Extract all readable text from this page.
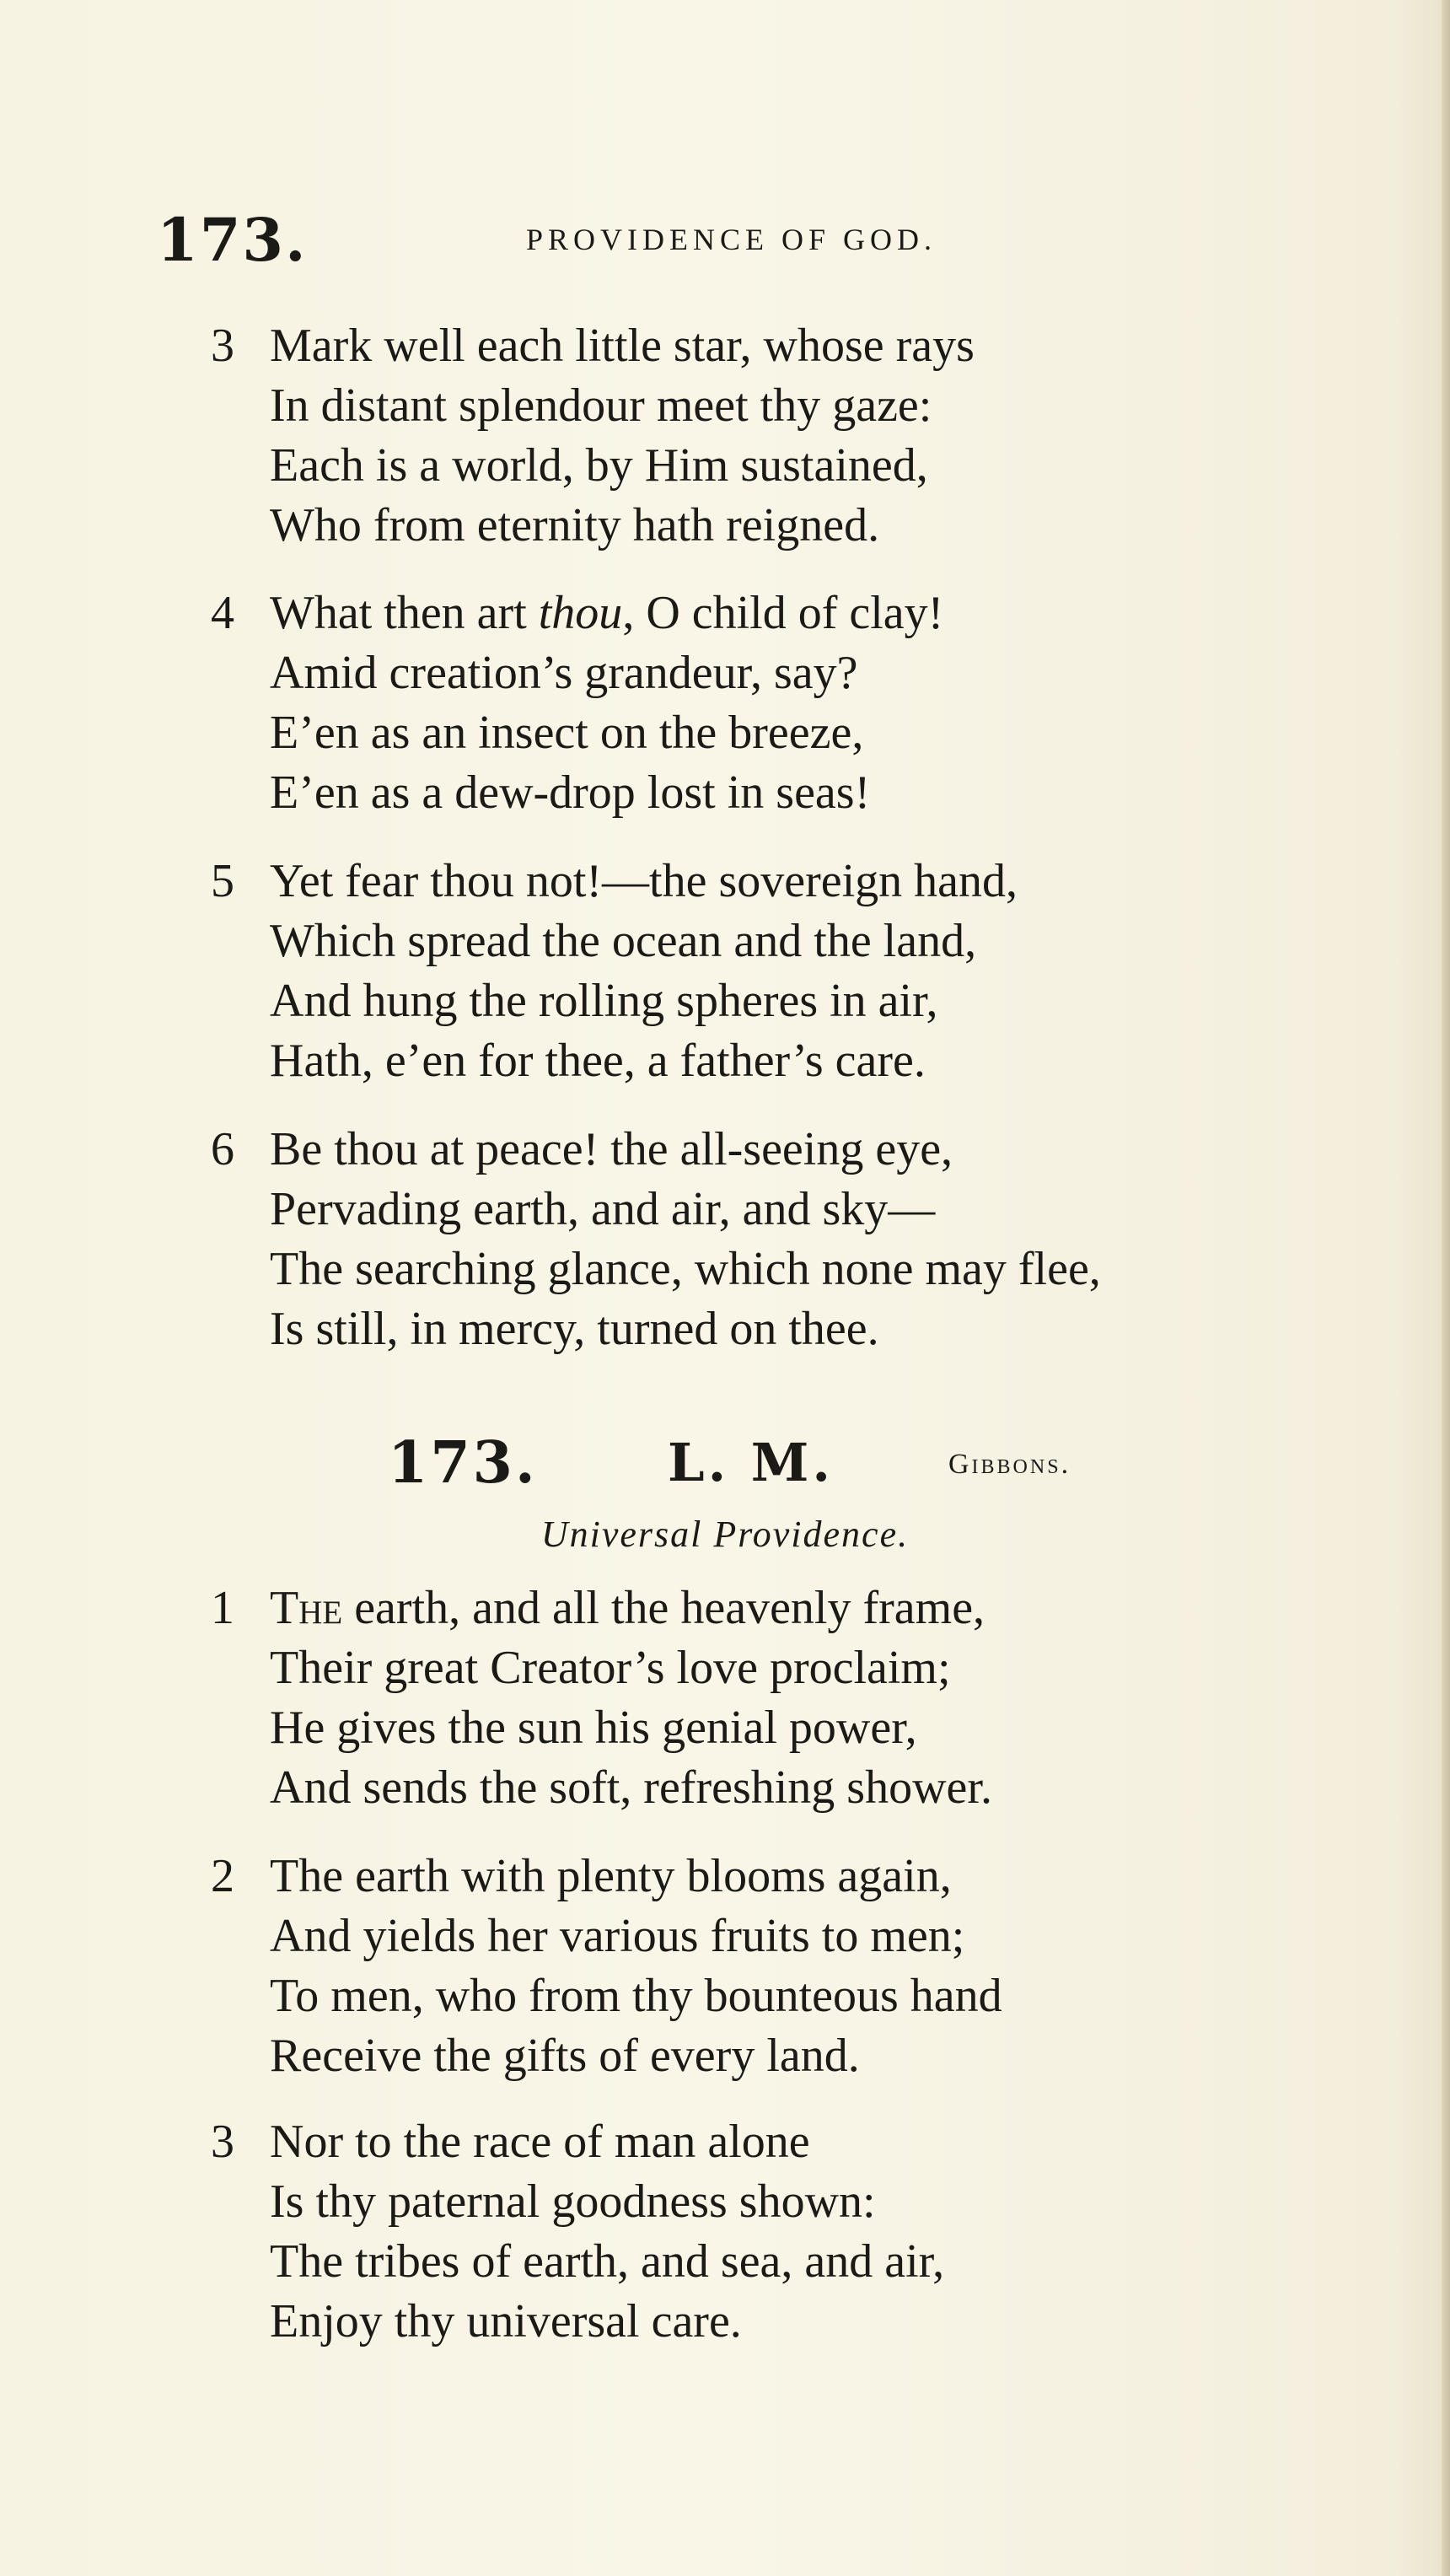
173.	PROVIDENCE OF GOD.
3 Mark well each little star, whose rays
In distant splendour meet thy gaze:
Each is a world, by Him sustained,
Who from eternity hath reigned.
4 What then art thou, O child of clay!
Amid creation’s grandeur, say?
E’en as an insect on the breeze,
E’en as a dew-drop lost in seas!
5 Yet fear thou not!—the sovereign hand,
Which spread the ocean and the land,
And hung the rolling spheres in air,
Hath, e’en for thee, a father’s care.
6 Be thou at peace! the all-seeing eye,
Pervading earth, and air, and sky—
The searching glance, which none may flee,
Is still, in mercy, turned on thee.
173. L. M.	Gibbons.
Universal Providence.
1 The earth, and all the heavenly frame,
Their great Creator’s love proclaim;
He gives the sun his genial power,
And sends the soft, refreshing shower.
2 The earth with plenty blooms again,
And yields her various fruits to men;
To men, who from thy bounteous hand
Receive the gifts of every land.
3 Nor to the race of man alone
Is thy paternal goodness shown:
The tribes of earth, and sea, and air,
Enjoy thy universal care.
